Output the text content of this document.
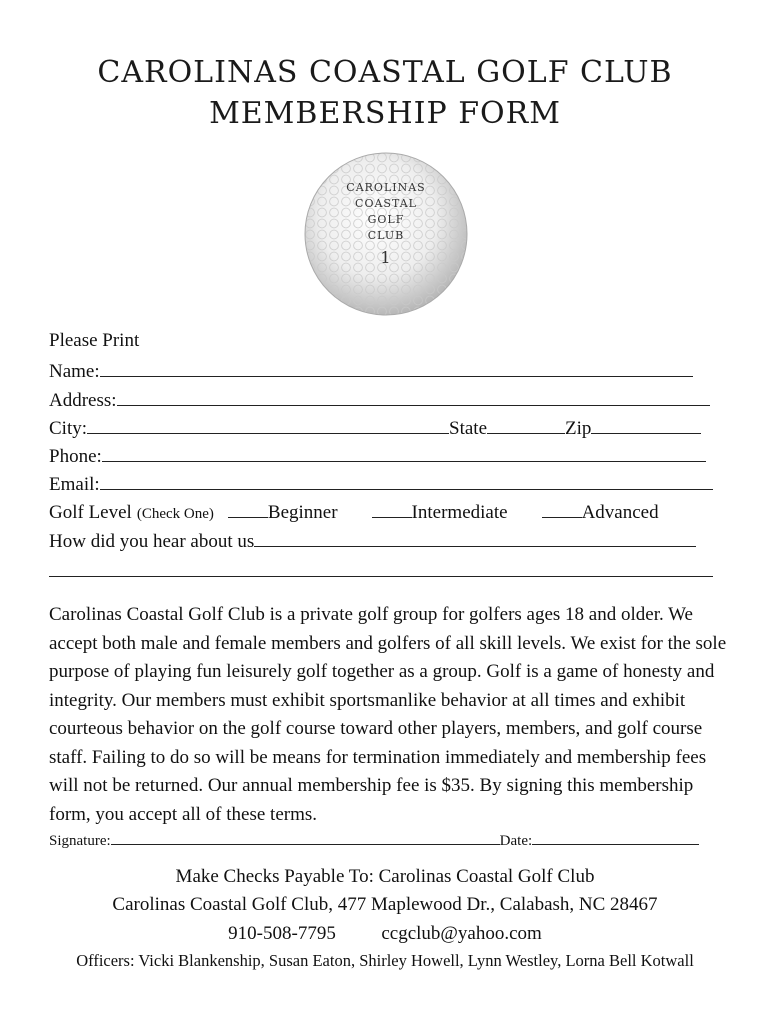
CAROLINAS COASTAL GOLF CLUB
MEMBERSHIP FORM
CAROLINAS
COASTAL
GOLF
CLUB
1
Please Print
Name:
Address:
City:	State	Zip
Phone:
Email:
Golf Level (Check One)	Beginner	Intermediate	Advanced
How did you hear about us
Carolinas Coastal Golf Club is a private golf group for golfers ages 18 and older. We accept both male and female members and golfers of all skill levels. We exist for the sole purpose of playing fun leisurely golf together as a group. Golf is a game of honesty and integrity. Our members must exhibit sportsmanlike behavior at all times and exhibit courteous behavior on the golf course toward other players, members, and golf course staff. Failing to do so will be means for termination immediately and membership fees will not be returned. Our annual membership fee is $35. By signing this membership form, you accept all of these terms.
Signature:	Date:
Make Checks Payable To: Carolinas Coastal Golf Club
Carolinas Coastal Golf Club, 477 Maplewood Dr., Calabash, NC 28467
910-508-7795 ccgclub@yahoo.com
Officers: Vicki Blankenship, Susan Eaton, Shirley Howell, Lynn Westley, Lorna Bell Kotwall
